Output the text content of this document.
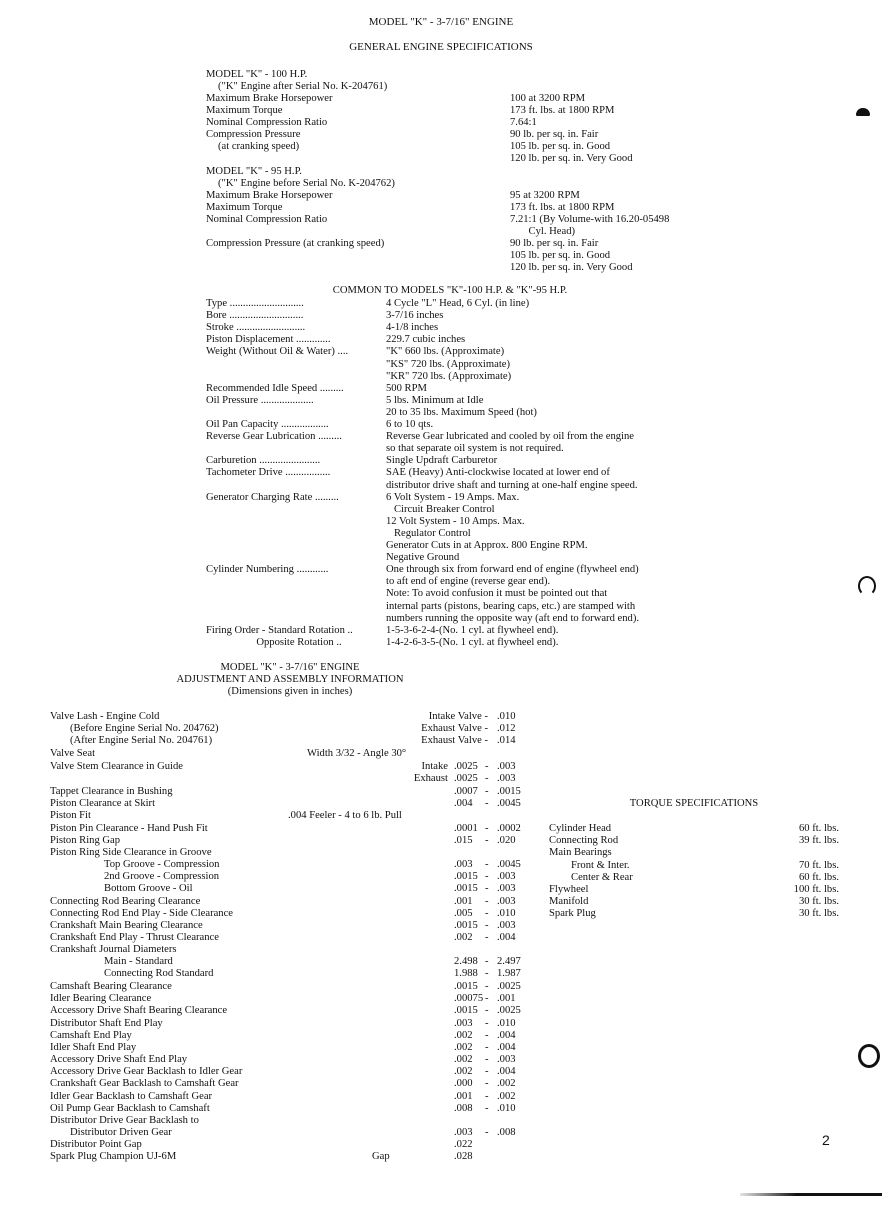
MODEL "K" - 3-7/16" ENGINE
GENERAL ENGINE SPECIFICATIONS
MODEL "K" - 100 H.P.
("K" Engine after Serial No. K-204761)
Maximum Brake Horsepower	100 at 3200 RPM
Maximum Torque	173 ft. lbs. at 1800 RPM
Nominal Compression Ratio	7.64:1
Compression Pressure	90 lb. per sq. in. Fair
(at cranking speed)	105 lb. per sq. in. Good
120 lb. per sq. in. Very Good
MODEL "K" - 95 H.P.
("K" Engine before Serial No. K-204762)
Maximum Brake Horsepower	95 at 3200 RPM
Maximum Torque	173 ft. lbs. at 1800 RPM
Nominal Compression Ratio	7.21:1 (By Volume-with 16.20-05498
Cyl. Head)
Compression Pressure (at cranking speed)	90 lb. per sq. in. Fair
105 lb. per sq. in. Good
120 lb. per sq. in. Very Good
COMMON TO MODELS "K"-100 H.P. & "K"-95 H.P.
Type ............................	4 Cycle "L" Head, 6 Cyl. (in line)
Bore ............................	3-7/16 inches
Stroke ..........................	4-1/8 inches
Piston Displacement .............	229.7 cubic inches
Weight (Without Oil & Water) ....	"K" 660 lbs. (Approximate)
"KS" 720 lbs. (Approximate)
"KR" 720 lbs. (Approximate)
Recommended Idle Speed .........	500 RPM
Oil Pressure ....................	5 lbs. Minimum at Idle
20 to 35 lbs. Maximum Speed (hot)
Oil Pan Capacity ..................	6 to 10 qts.
Reverse Gear Lubrication .........	Reverse Gear lubricated and cooled by oil from the engine
so that separate oil system is not required.
Carburetion .......................	Single Updraft Carburetor
Tachometer Drive .................	SAE (Heavy) Anti-clockwise located at lower end of
distributor drive shaft and turning at one-half engine speed.
Generator Charging Rate .........	6 Volt System - 19 Amps. Max.
Circuit Breaker Control
12 Volt System - 10 Amps. Max.
Regulator Control
Generator Cuts in at Approx. 800 Engine RPM.
Negative Ground
Cylinder Numbering ............	One through six from forward end of engine (flywheel end)
to aft end of engine (reverse gear end).
Note: To avoid confusion it must be pointed out that
internal parts (pistons, bearing caps, etc.) are stamped with
numbers running the opposite way (aft end to forward end).
Firing Order - Standard Rotation ..	1-5-3-6-2-4-(No. 1 cyl. at flywheel end).
Opposite Rotation ..	1-4-2-6-3-5-(No. 1 cyl. at flywheel end).
MODEL "K" - 3-7/16" ENGINE
ADJUSTMENT AND ASSEMBLY INFORMATION
(Dimensions given in inches)
Valve Lash - Engine Cold	Intake Valve - .010
(Before Engine Serial No. 204762)	Exhaust Valve - .012
(After Engine Serial No. 204761)	Exhaust Valve - .014
Valve Seat	Width 3/32 - Angle 30°
Valve Stem Clearance in Guide	Intake .0025 - .003
Exhaust .0025 - .003
Tappet Clearance in Bushing	.0007 - .0015
Piston Clearance at Skirt	.004 - .0045
Piston Fit	.004 Feeler - 4 to 6 lb. Pull
Piston Pin Clearance - Hand Push Fit	.0001 - .0002
Piston Ring Gap	.015 - .020
Piston Ring Side Clearance in Groove
Top Groove - Compression	.003 - .0045
2nd Groove - Compression	.0015 - .003
Bottom Groove - Oil	.0015 - .003
Connecting Rod Bearing Clearance	.001 - .003
Connecting Rod End Play - Side Clearance	.005 - .010
Crankshaft Main Bearing Clearance	.0015 - .003
Crankshaft End Play - Thrust Clearance	.002 - .004
Crankshaft Journal Diameters
Main - Standard	2.498 - 2.497
Connecting Rod Standard	1.988 - 1.987
Camshaft Bearing Clearance	.0015 - .0025
Idler Bearing Clearance	.00075 - .001
Accessory Drive Shaft Bearing Clearance	.0015 - .0025
Distributor Shaft End Play	.003 - .010
Camshaft End Play	.002 - .004
Idler Shaft End Play	.002 - .004
Accessory Drive Shaft End Play	.002 - .003
Accessory Drive Gear Backlash to Idler Gear	.002 - .004
Crankshaft Gear Backlash to Camshaft Gear	.000 - .002
Idler Gear Backlash to Camshaft Gear	.001 - .002
Oil Pump Gear Backlash to Camshaft	.008 - .010
Distributor Drive Gear Backlash to
Distributor Driven Gear	.003 - .008
Distributor Point Gap	.022
Spark Plug Champion UJ-6M	Gap	.028
TORQUE SPECIFICATIONS
Cylinder Head	60 ft. lbs.
Connecting Rod	39 ft. lbs.
Main Bearings
Front & Inter.	70 ft. lbs.
Center & Rear	60 ft. lbs.
Flywheel	100 ft. lbs.
Manifold	30 ft. lbs.
Spark Plug	30 ft. lbs.
2
